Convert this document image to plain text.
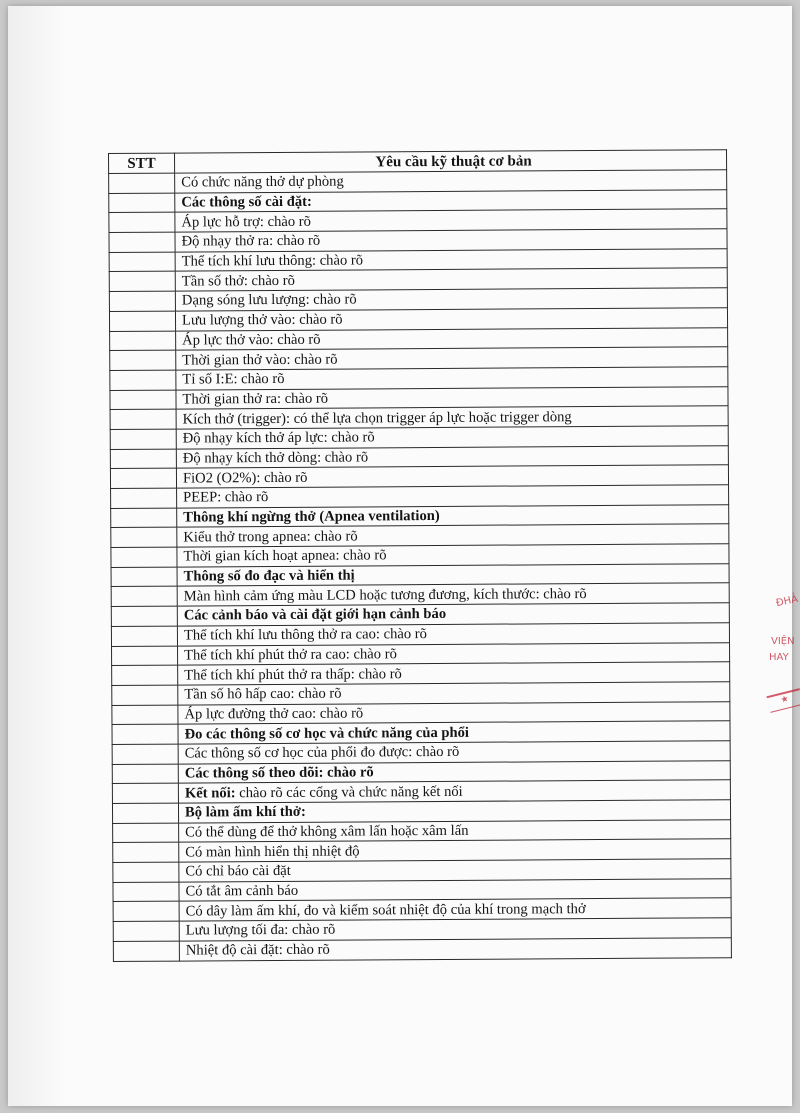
STT	Yêu cầu kỹ thuật cơ bản
	Có chức năng thở dự phòng
	Các thông số cài đặt:
	Áp lực hỗ trợ: chào rõ
	Độ nhạy thở ra: chào rõ
	Thể tích khí lưu thông: chào rõ
	Tần số thở: chào rõ
	Dạng sóng lưu lượng: chào rõ
	Lưu lượng thở vào: chào rõ
	Áp lực thở vào: chào rõ
	Thời gian thở vào: chào rõ
	Tỉ số I:E: chào rõ
	Thời gian thở ra: chào rõ
	Kích thở (trigger): có thể lựa chọn trigger áp lực hoặc trigger dòng
	Độ nhạy kích thở áp lực: chào rõ
	Độ nhạy kích thở dòng: chào rõ
	FiO2 (O2%): chào rõ
	PEEP: chào rõ
	Thông khí ngừng thở (Apnea ventilation)
	Kiểu thở trong apnea: chào rõ
	Thời gian kích hoạt apnea: chào rõ
	Thông số đo đạc và hiển thị
	Màn hình cảm ứng màu LCD hoặc tương đương, kích thước: chào rõ
	Các cảnh báo và cài đặt giới hạn cảnh báo
	Thể tích khí lưu thông thở ra cao: chào rõ
	Thể tích khí phút thở ra cao: chào rõ
	Thể tích khí phút thở ra thấp: chào rõ
	Tần số hô hấp cao: chào rõ
	Áp lực đường thở cao: chào rõ
	Đo các thông số cơ học và chức năng của phổi
	Các thông số cơ học của phổi đo được: chào rõ
	Các thông số theo dõi: chào rõ
	Kết nối: chào rõ các cổng và chức năng kết nối
	Bộ làm ấm khí thở:
	Có thể dùng để thở không xâm lấn hoặc xâm lấn
	Có màn hình hiển thị nhiệt độ
	Có chỉ báo cài đặt
	Có tắt âm cảnh báo
	Có dây làm ấm khí, đo và kiểm soát nhiệt độ của khí trong mạch thở
	Lưu lượng tối đa: chào rõ
	Nhiệt độ cài đặt: chào rõ
ĐHẢ
VIỆN
HAY
★
